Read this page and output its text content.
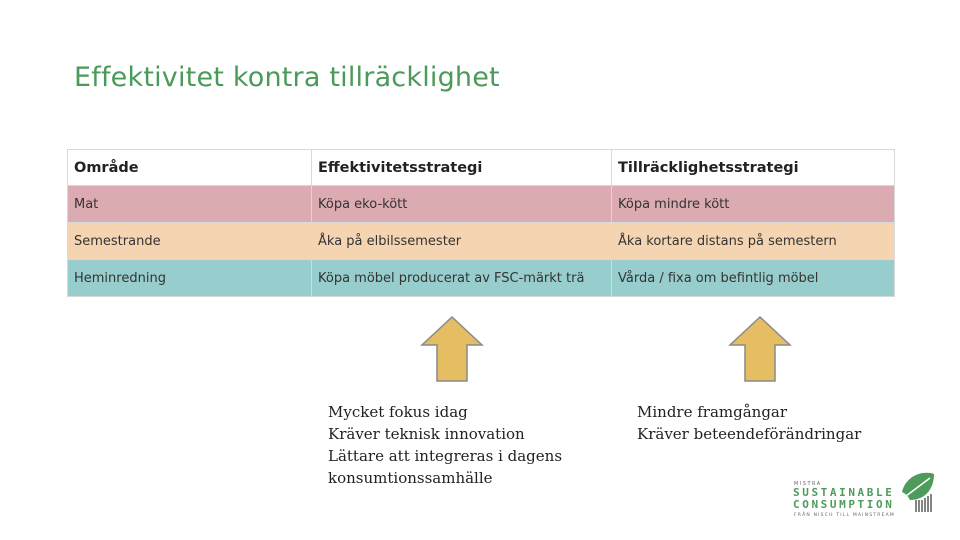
Effektivitet kontra tillräcklighet
Område	Effektivitetsstrategi	Tillräcklighetsstrategi
Mat	Köpa eko-kött	Köpa mindre kött
Semestrande	Åka på elbilssemester	Åka kortare distans på semestern
Heminredning	Köpa möbel producerat av FSC-märkt trä	Vårda / fixa om befintlig möbel
Mycket fokus idag
Kräver teknisk innovation
Lättare att integreras i dagens
konsumtionssamhälle
Mindre framgångar
Kräver beteendeförändringar
MISTRA
SUSTAINABLE
CONSUMPTION
FRÅN NISCH TILL MAINSTREAM
